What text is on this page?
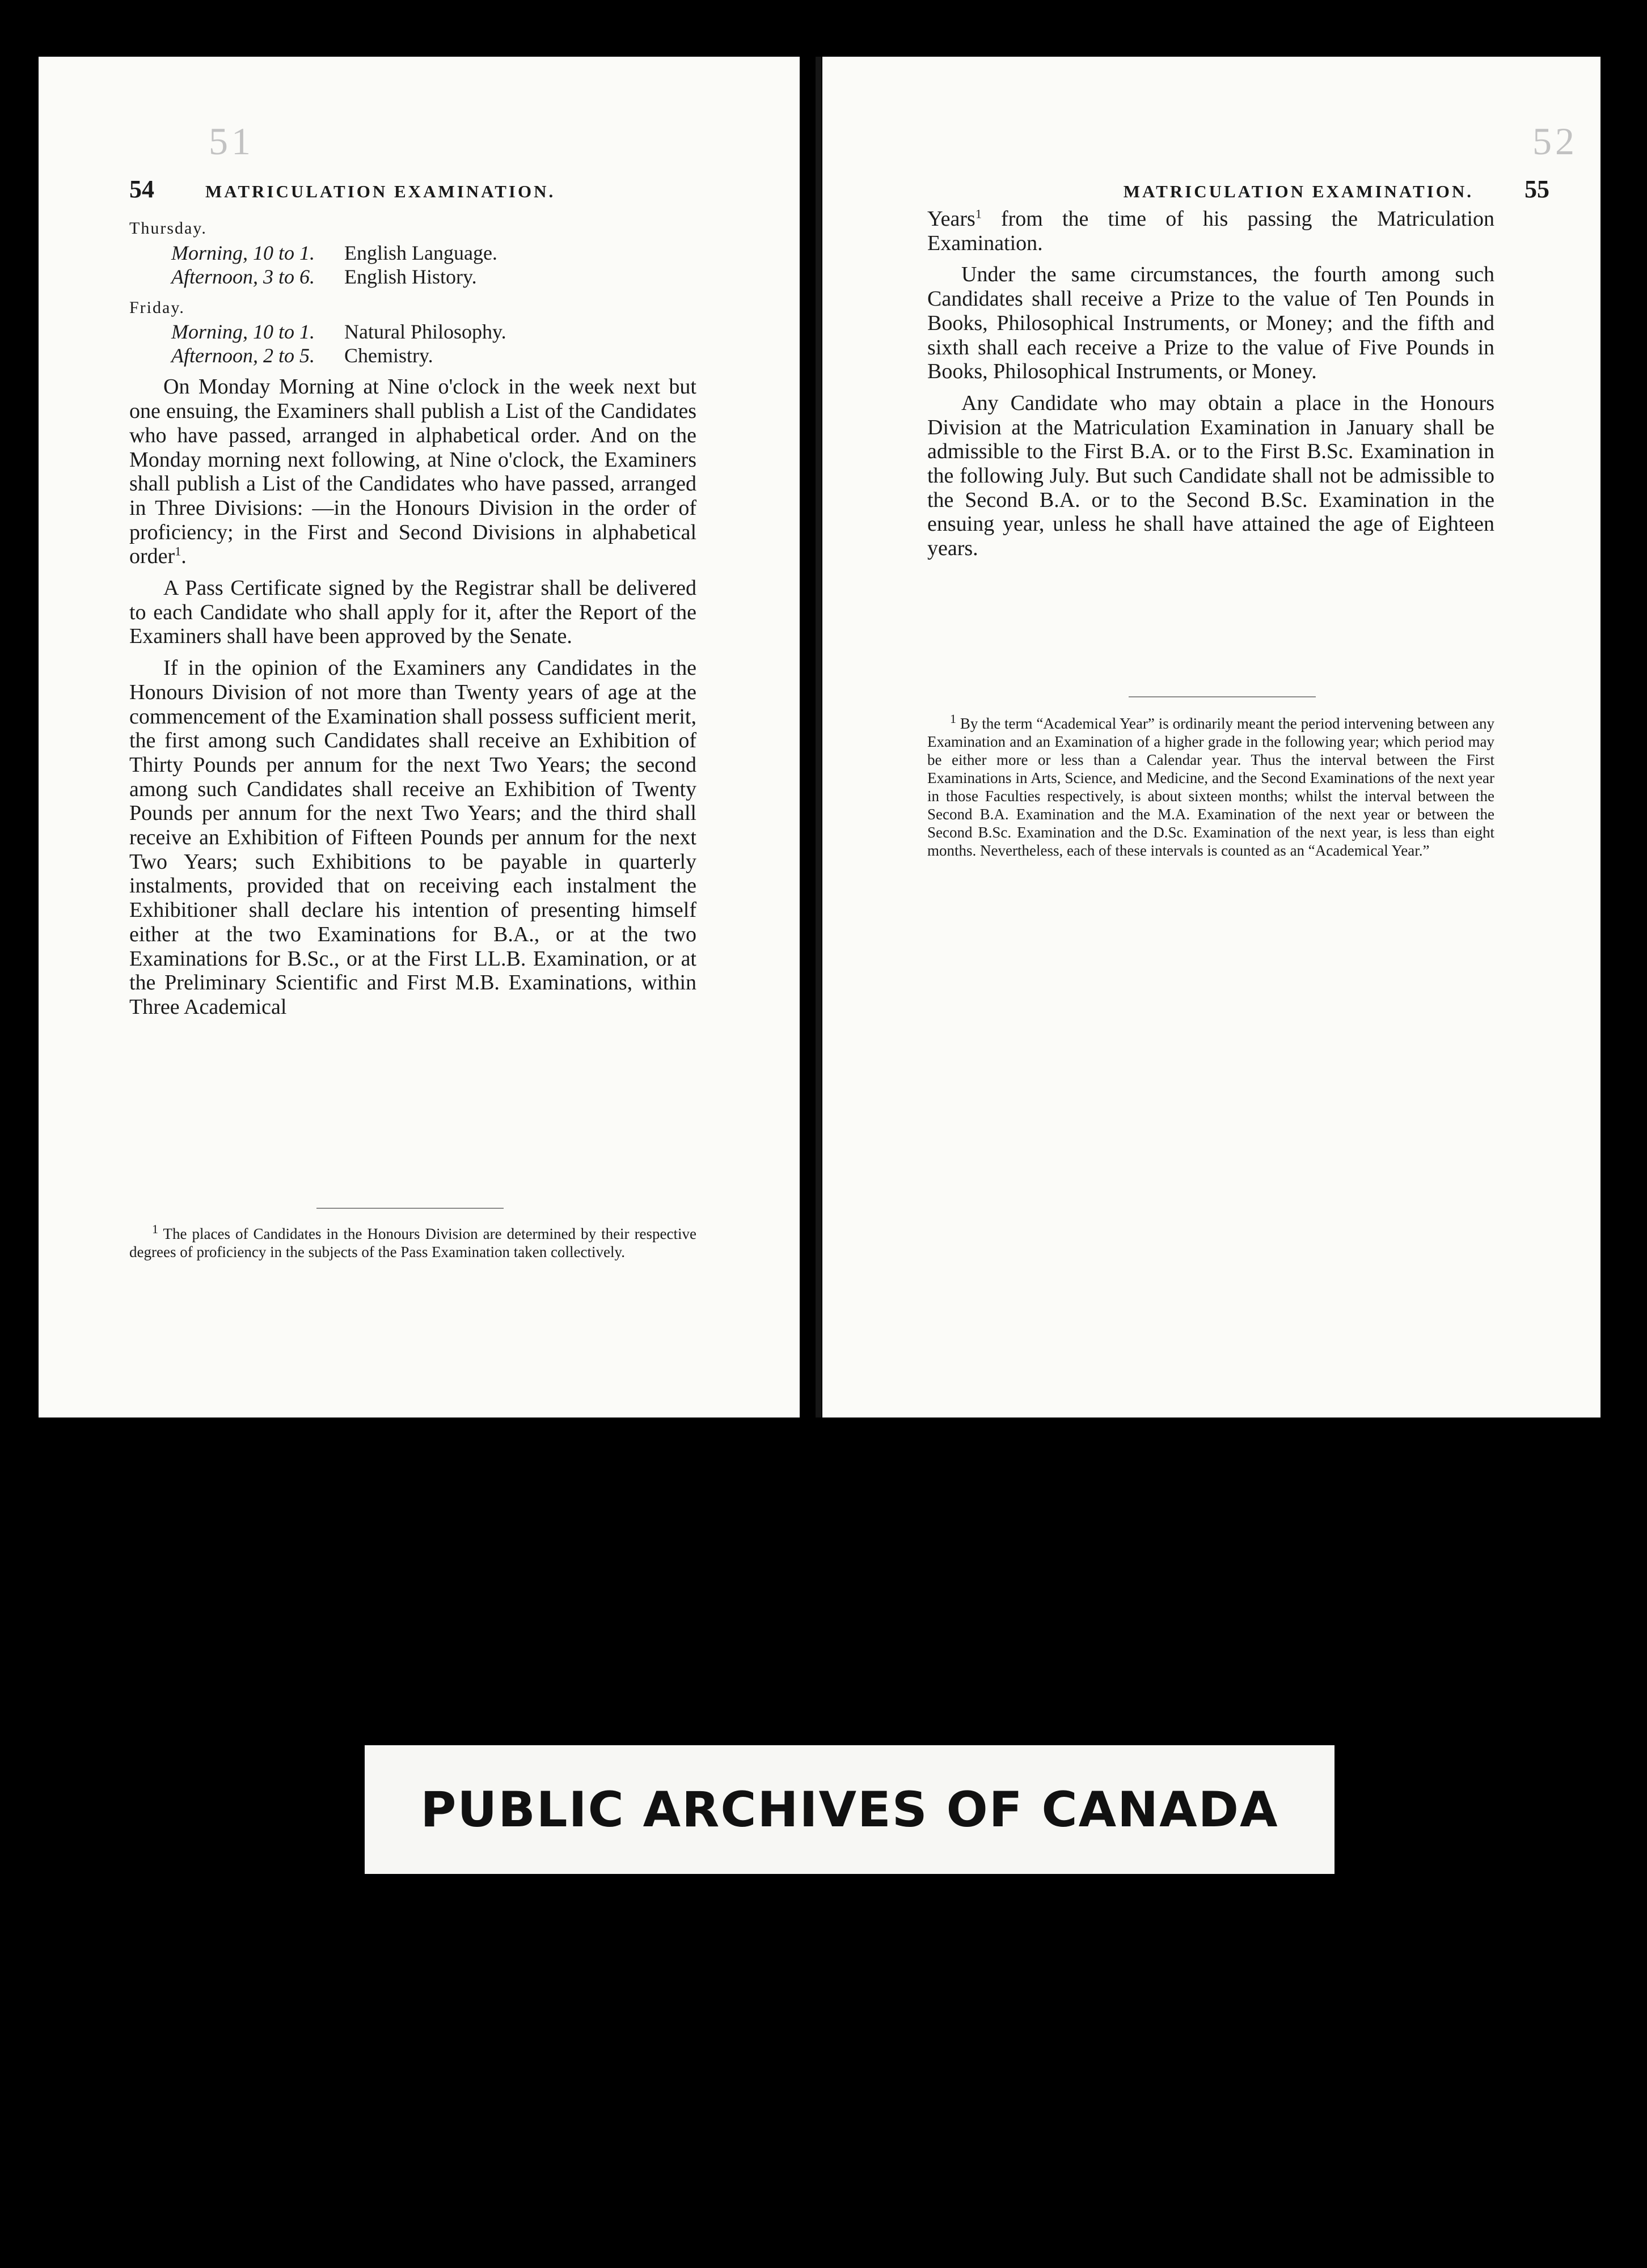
51
54	MATRICULATION EXAMINATION.
Thursday.
Morning, 10 to 1. English Language.
Afternoon, 3 to 6. English History.
Friday.
Morning, 10 to 1. Natural Philosophy.
Afternoon, 2 to 5. Chemistry.

On Monday Morning at Nine o'clock in the week next but one ensuing, the Examiners shall publish a List of the Candidates who have passed, arranged in alphabetical order. And on the Monday morning next following, at Nine o'clock, the Examiners shall publish a List of the Candidates who have passed, arranged in Three Divisions: —in the Honours Division in the order of proficiency; in the First and Second Divisions in alphabetical order$^1$.

A Pass Certificate signed by the Registrar shall be delivered to each Candidate who shall apply for it, after the Report of the Examiners shall have been approved by the Senate.

If in the opinion of the Examiners any Candidates in the Honours Division of not more than Twenty years of age at the commencement of the Examination shall possess sufficient merit, the first among such Candidates shall receive an Exhibition of Thirty Pounds per annum for the next Two Years; the second among such Candidates shall receive an Exhibition of Twenty Pounds per annum for the next Two Years; and the third shall receive an Exhibition of Fifteen Pounds per annum for the next Two Years; such Exhibitions to be payable in quarterly instalments, provided that on receiving each instalment the Exhibitioner shall declare his intention of presenting himself either at the two Examinations for B.A., or at the two Examinations for B.Sc., or at the First LL.B. Examination, or at the Preliminary Scientific and First M.B. Examinations, within Three Academical

$^1$ The places of Candidates in the Honours Division are determined by their respective degrees of proficiency in the subjects of the Pass Examination taken collectively.

52
MATRICULATION EXAMINATION. 55

Years$^1$ from the time of his passing the Matriculation Examination.

Under the same circumstances, the fourth among such Candidates shall receive a Prize to the value of Ten Pounds in Books, Philosophical Instruments, or Money; and the fifth and sixth shall each receive a Prize to the value of Five Pounds in Books, Philosophical Instruments, or Money.

Any Candidate who may obtain a place in the Honours Division at the Matriculation Examination in January shall be admissible to the First B.A. or to the First B.Sc. Examination in the following July. But such Candidate shall not be admissible to the Second B.A. or to the Second B.Sc. Examination in the ensuing year, unless he shall have attained the age of Eighteen years.

$^1$ By the term “Academical Year” is ordinarily meant the period intervening between any Examination and an Examination of a higher grade in the following year; which period may be either more or less than a Calendar year. Thus the interval between the First Examinations in Arts, Science, and Medicine, and the Second Examinations of the next year in those Faculties respectively, is about sixteen months; whilst the interval between the Second B.A. Examination and the M.A. Examination of the next year or between the Second B.Sc. Examination and the D.Sc. Examination of the next year, is less than eight months. Nevertheless, each of these intervals is counted as an “Academical Year.”

PUBLIC ARCHIVES OF CANADA
